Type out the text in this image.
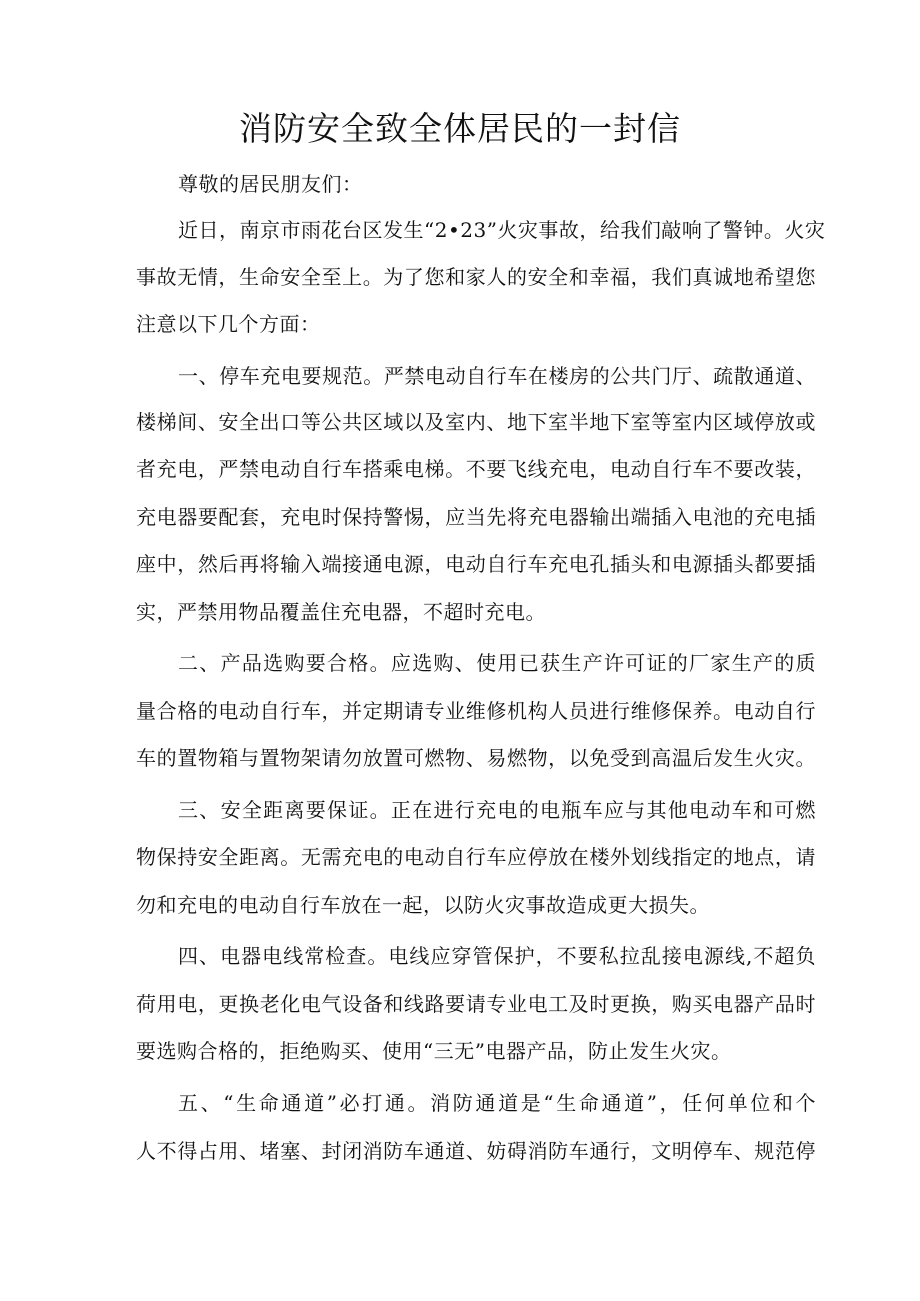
消防安全致全体居民的一封信

尊敬的居民朋友们：

近日，南京市雨花台区发生“2•23”火灾事故，给我们敲响了警钟。火灾

事故无情，生命安全至上。为了您和家人的安全和幸福，我们真诚地希望您

注意以下几个方面：

一、停车充电要规范。严禁电动自行车在楼房的公共门厅、疏散通道、

楼梯间、安全出口等公共区域以及室内、地下室半地下室等室内区域停放或

者充电，严禁电动自行车搭乘电梯。不要飞线充电，电动自行车不要改装，

充电器要配套，充电时保持警惕，应当先将充电器输出端插入电池的充电插

座中，然后再将输入端接通电源，电动自行车充电孔插头和电源插头都要插

实，严禁用物品覆盖住充电器，不超时充电。

二、产品选购要合格。应选购、使用已获生产许可证的厂家生产的质

量合格的电动自行车，并定期请专业维修机构人员进行维修保养。电动自行

车的置物箱与置物架请勿放置可燃物、易燃物，以免受到高温后发生火灾。

三、安全距离要保证。正在进行充电的电瓶车应与其他电动车和可燃

物保持安全距离。无需充电的电动自行车应停放在楼外划线指定的地点，请

勿和充电的电动自行车放在一起，以防火灾事故造成更大损失。

四、电器电线常检查。电线应穿管保护，不要私拉乱接电源线,不超负

荷用电，更换老化电气设备和线路要请专业电工及时更换，购买电器产品时

要选购合格的，拒绝购买、使用“三无”电器产品，防止发生火灾。

五、“生命通道”必打通。消防通道是“生命通道”，任何单位和个

人不得占用、堵塞、封闭消防车通道、妨碍消防车通行，文明停车、规范停
